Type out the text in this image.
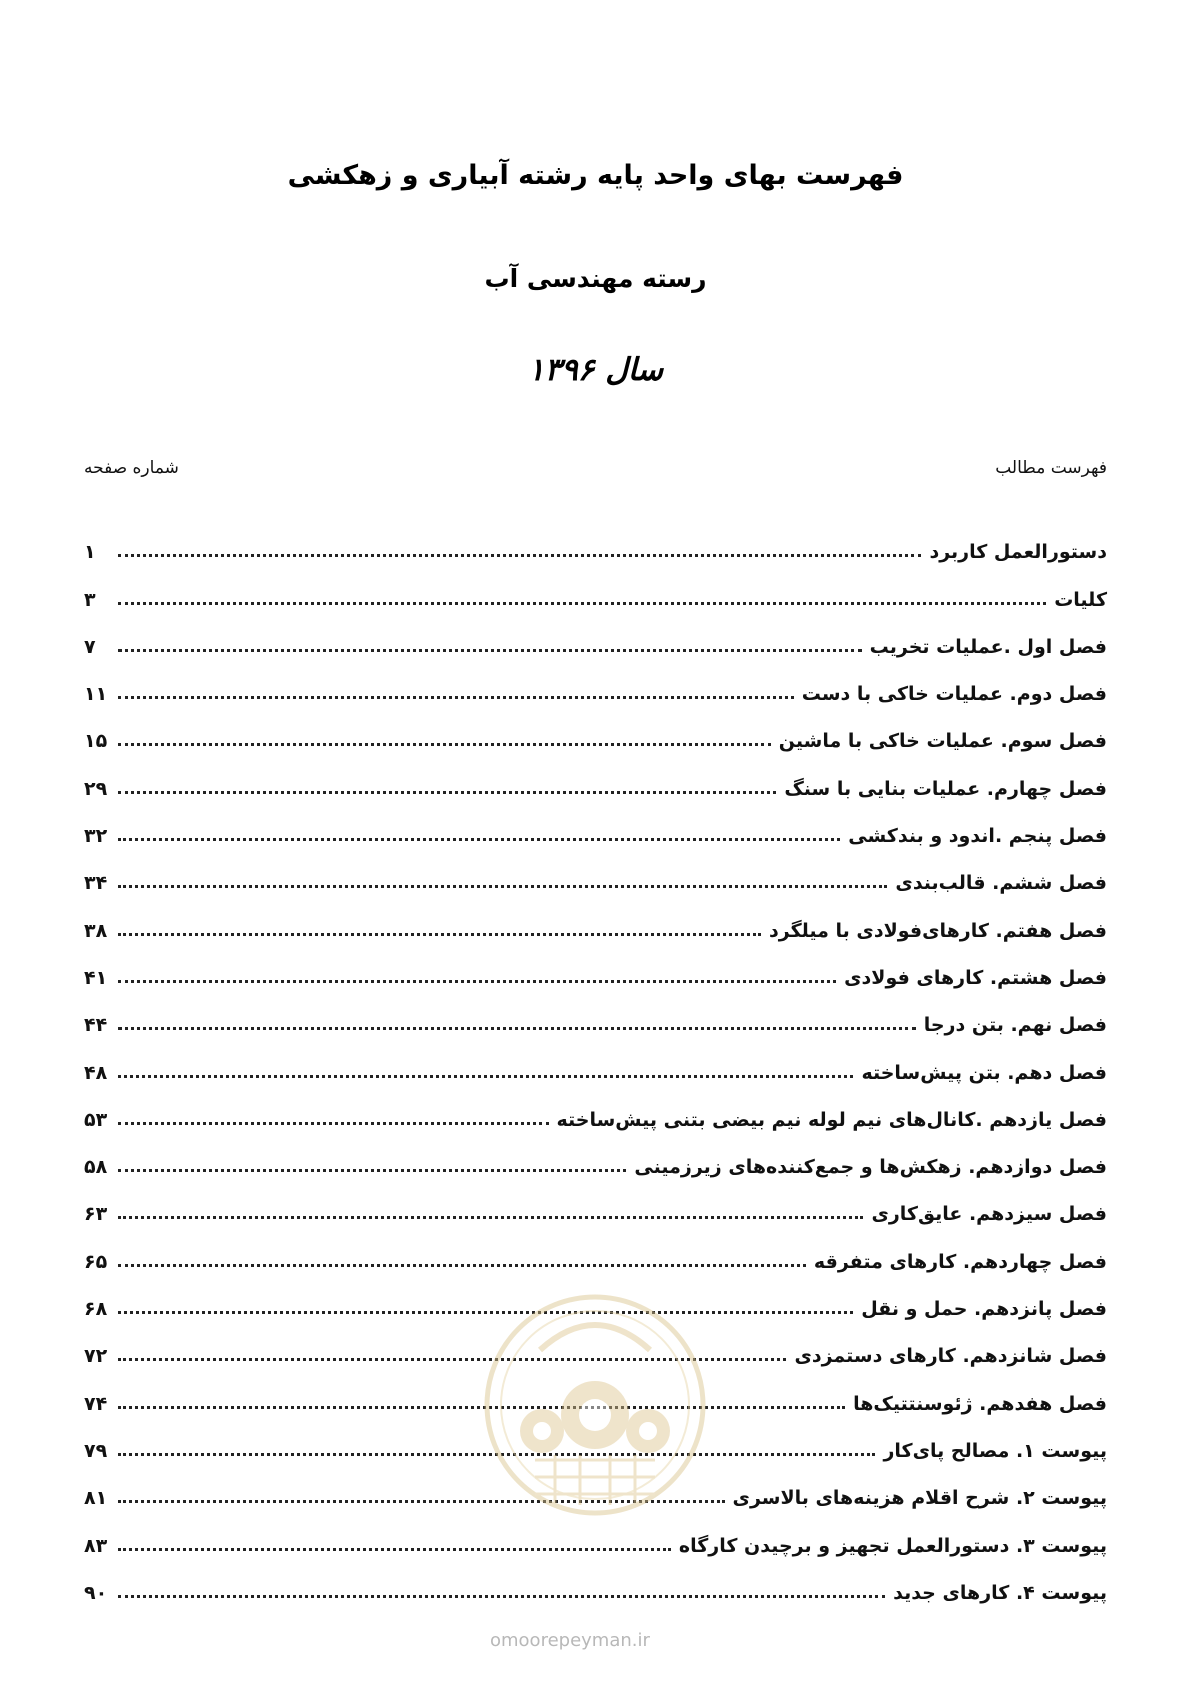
فهرست بهای واحد پایه رشته آبیاری و زهکشی
رسته مهندسی آب
سال ۱۳۹۶
فهرست مطالب
شماره صفحه
دستورالعمل کاربرد
۱
کلیات
۳
فصل اول .عملیات تخریب
۷
فصل دوم. عملیات خاکی با دست
۱۱
فصل سوم. عملیات خاکی با ماشین
۱۵
فصل چهارم. عملیات بنایی با سنگ
۲۹
فصل پنجم .اندود و بندکشی
۳۲
فصل ششم. قالب‌بندی
۳۴
فصل هفتم. کارهای‌فولادی با میلگرد
۳۸
فصل هشتم. کارهای فولادی
۴۱
فصل نهم. بتن درجا
۴۴
فصل دهم. بتن پیش‌ساخته
۴۸
فصل یازدهم .کانال‌های نیم لوله نیم بیضی بتنی پیش‌ساخته
۵۳
فصل دوازدهم. زهکش‌ها و جمع‌کننده‌های زیرزمینی
۵۸
فصل سیزدهم. عایق‌کاری
۶۳
فصل چهاردهم. کارهای متفرقه
۶۵
فصل پانزدهم. حمل و نقل
۶۸
فصل شانزدهم. کارهای دستمزدی
۷۲
فصل هفدهم. ژئوسنتتیک‌ها
۷۴
پیوست ۱. مصالح پای‌کار
۷۹
پیوست ۲. شرح اقلام هزینه‌های بالاسری
۸۱
پیوست ۳. دستورالعمل تجهیز و برچیدن کارگاه
۸۳
پیوست ۴. کارهای جدید
۹۰
omoorepeyman.ir
